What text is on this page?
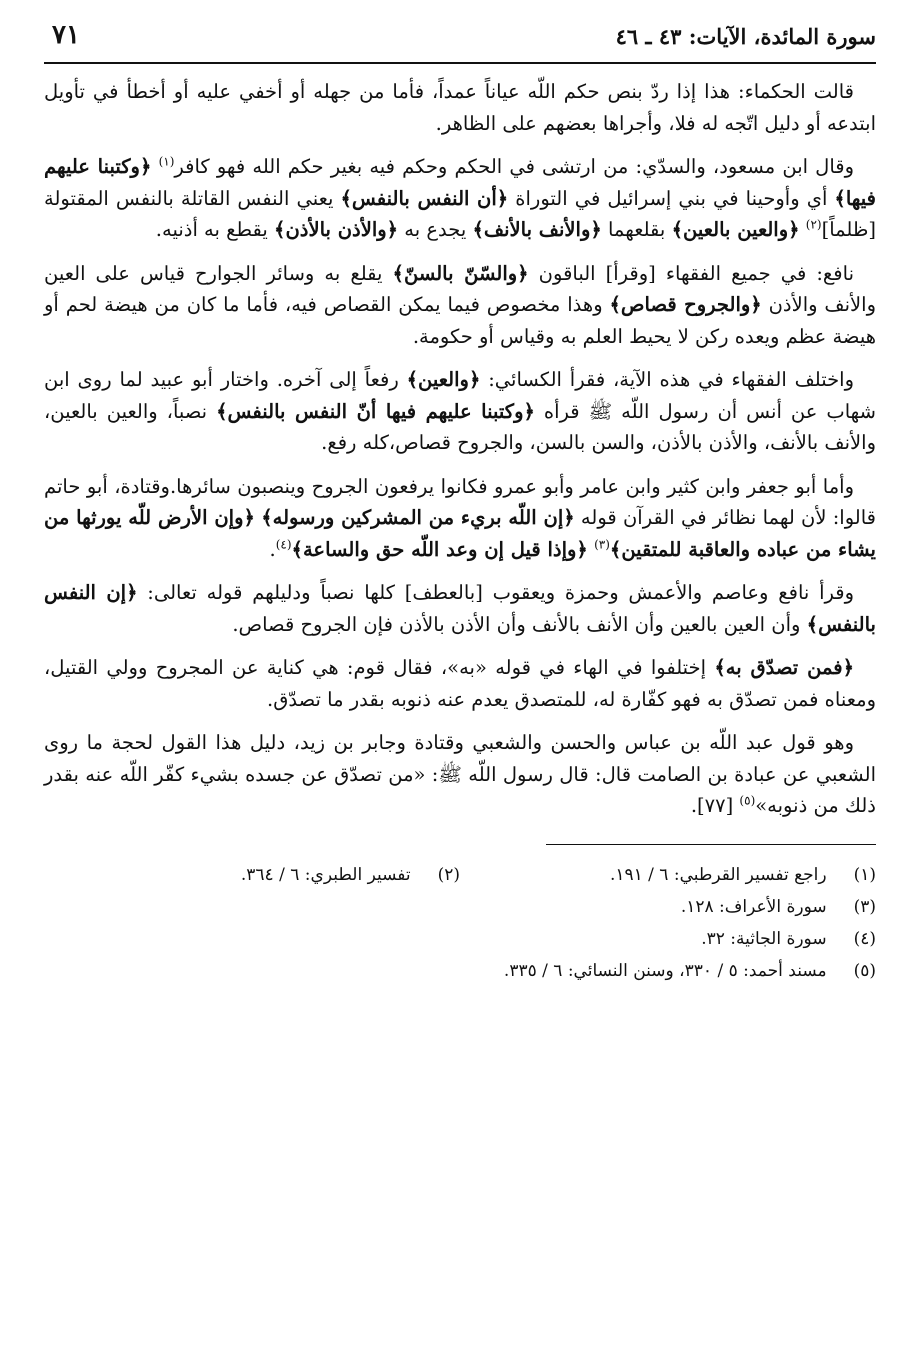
سورة المائدة، الآيات: ٤٣ ـ ٤٦
٧١

قالت الحكماء: هذا إذا ردّ بنص حكم اللّه عياناً عمداً، فأما من جهله أو أخفي عليه أو أخطأ في تأويل ابتدعه أو دليل اتّجه له فلا، وأجراها بعضهم على الظاهر.

وقال ابن مسعود، والسدّي: من ارتشى في الحكم وحكم فيه بغير حكم الله فهو كافر$^{(١)}$ ﴿وكتبنا عليهم فيها﴾ أي وأوحينا في بني إسرائيل في التوراة ﴿أن النفس بالنفس﴾ يعني النفس القاتلة بالنفس المقتولة [ظلماً]$^{(٢)}$ ﴿والعين بالعين﴾ بقلعهما ﴿والأنف بالأنف﴾ يجدع به ﴿والأذن بالأذن﴾ يقطع به أذنيه.

نافع: في جميع الفقهاء [وقرأ] الباقون ﴿والسّنّ بالسنّ﴾ يقلع به وسائر الجوارح قياس على العين والأنف والأذن ﴿والجروح قصاص﴾ وهذا مخصوص فيما يمكن القصاص فيه، فأما ما كان من هيضة لحم أو هيضة عظم ويعده ركن لا يحيط العلم به وقياس أو حكومة.

واختلف الفقهاء في هذه الآية، فقرأ الكسائي: ﴿والعين﴾ رفعاً إلى آخره. واختار أبو عبيد لما روى ابن شهاب عن أنس أن رسول اللّه ﷺ قرأه ﴿وكتبنا عليهم فيها أنّ النفس بالنفس﴾ نصباً، والعين بالعين، والأنف بالأنف، والأذن بالأذن، والسن بالسن، والجروح قصاص،كله رفع.

وأما أبو جعفر وابن كثير وابن عامر وأبو عمرو فكانوا يرفعون الجروح وينصبون سائرها.وقتادة، أبو حاتم قالوا: لأن لهما نظائر في القرآن قوله ﴿إن اللّه بريء من المشركين ورسوله﴾ ﴿وإن الأرض للّه يورثها من يشاء من عباده والعاقبة للمتقين﴾$^{(٣)}$ ﴿وإذا قيل إن وعد اللّه حق والساعة﴾$^{(٤)}$.

وقرأ نافع وعاصم والأعمش وحمزة ويعقوب [بالعطف] كلها نصباً ودليلهم قوله تعالى: ﴿إن النفس بالنفس﴾ وأن العين بالعين وأن الأنف بالأنف وأن الأذن بالأذن فإن الجروح قصاص.

﴿فمن تصدّق به﴾ إختلفوا في الهاء في قوله «به»، فقال قوم: هي كناية عن المجروح وولي القتيل، ومعناه فمن تصدّق به فهو كفّارة له، للمتصدق يعدم عنه ذنوبه بقدر ما تصدّق.

وهو قول عبد اللّه بن عباس والحسن والشعبي وقتادة وجابر بن زيد، دليل هذا القول لحجة ما روى الشعبي عن عبادة بن الصامت قال: قال رسول اللّه ﷺ: «من تصدّق عن جسده بشيء كفّر اللّه عنه بقدر ذلك من ذنوبه»$^{(٥)}$ [٧٧].

(١) راجع تفسير القرطبي: ٦ / ١٩١.
(٢) تفسير الطبري: ٦ / ٣٦٤.
(٣) سورة الأعراف: ١٢٨.
(٤) سورة الجاثية: ٣٢.
(٥) مسند أحمد: ٥ / ٣٣٠، وسنن النسائي: ٦ / ٣٣٥.
